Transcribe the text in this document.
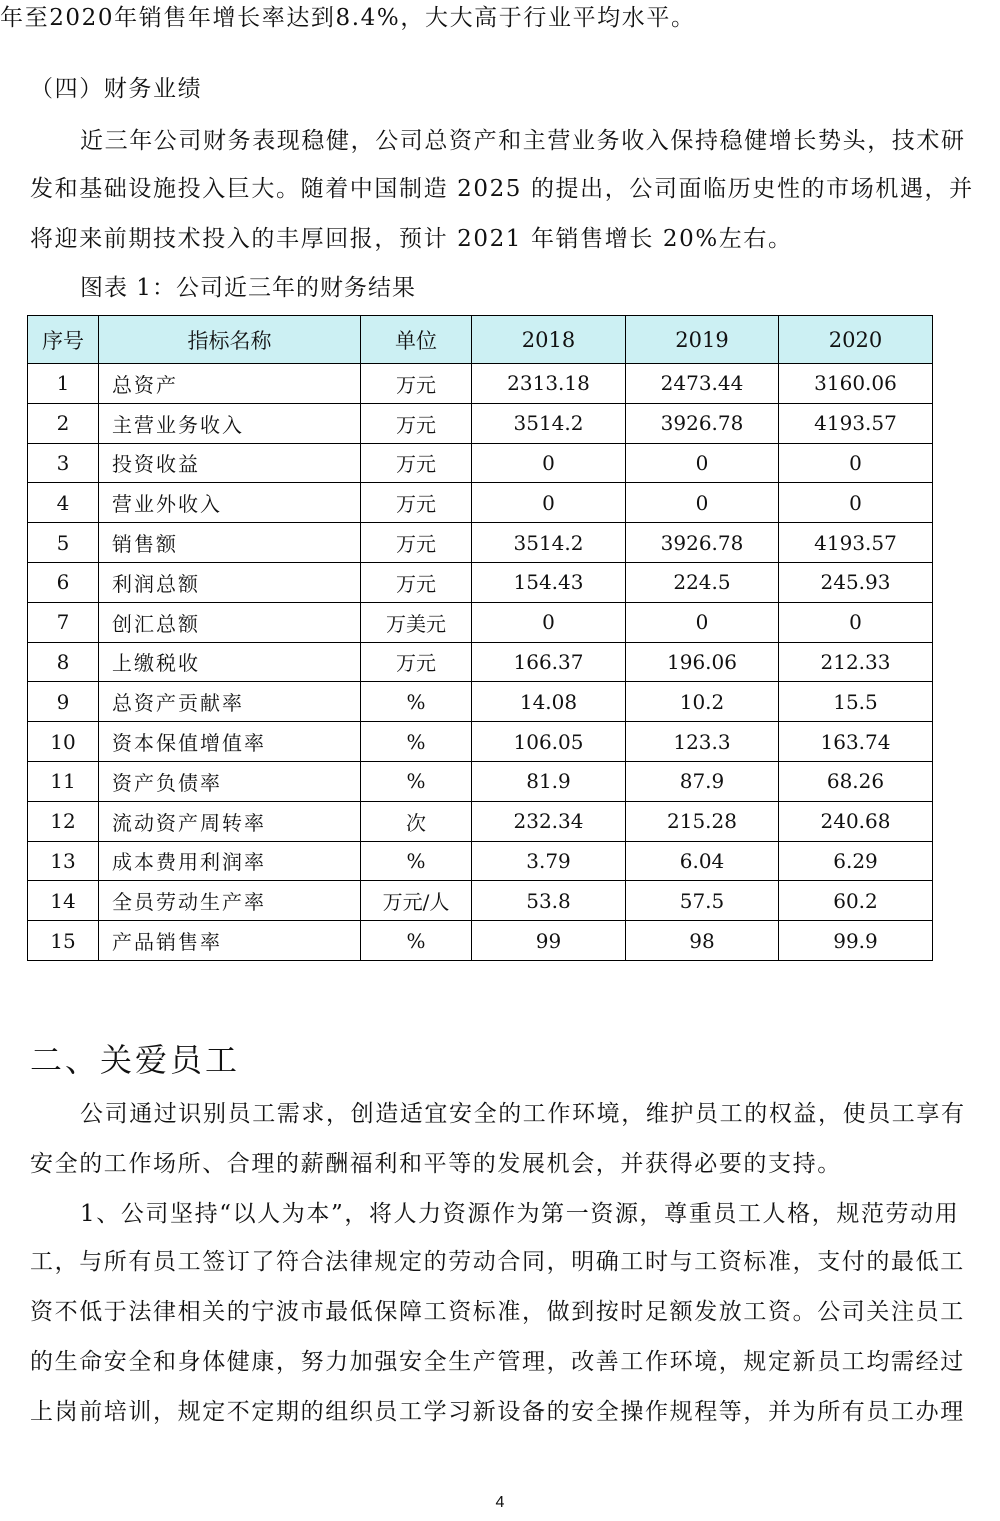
年至2020年销售年增长率达到8.4%，大大高于行业平均水平。
（四）财务业绩
近三年公司财务表现稳健，公司总资产和主营业务收入保持稳健增长势头，技术研
发和基础设施投入巨大。随着中国制造 2025 的提出，公司面临历史性的市场机遇，并
将迎来前期技术投入的丰厚回报，预计 2021 年销售增长 20%左右。
图表 1：公司近三年的财务结果
序号	指标名称	单位	2018	2019	2020
1	总资产	万元	2313.18	2473.44	3160.06
2	主营业务收入	万元	3514.2	3926.78	4193.57
3	投资收益	万元	0	0	0
4	营业外收入	万元	0	0	0
5	销售额	万元	3514.2	3926.78	4193.57
6	利润总额	万元	154.43	224.5	245.93
7	创汇总额	万美元	0	0	0
8	上缴税收	万元	166.37	196.06	212.33
9	总资产贡献率	%	14.08	10.2	15.5
10	资本保值增值率	%	106.05	123.3	163.74
11	资产负债率	%	81.9	87.9	68.26
12	流动资产周转率	次	232.34	215.28	240.68
13	成本费用利润率	%	3.79	6.04	6.29
14	全员劳动生产率	万元/人	53.8	57.5	60.2
15	产品销售率	%	99	98	99.9
二、关爱员工
公司通过识别员工需求，创造适宜安全的工作环境，维护员工的权益，使员工享有
安全的工作场所、合理的薪酬福利和平等的发展机会，并获得必要的支持。
1、公司坚持“以人为本”，将人力资源作为第一资源，尊重员工人格，规范劳动用
工，与所有员工签订了符合法律规定的劳动合同，明确工时与工资标准，支付的最低工
资不低于法律相关的宁波市最低保障工资标准，做到按时足额发放工资。公司关注员工
的生命安全和身体健康，努力加强安全生产管理，改善工作环境，规定新员工均需经过
上岗前培训，规定不定期的组织员工学习新设备的安全操作规程等，并为所有员工办理
4
